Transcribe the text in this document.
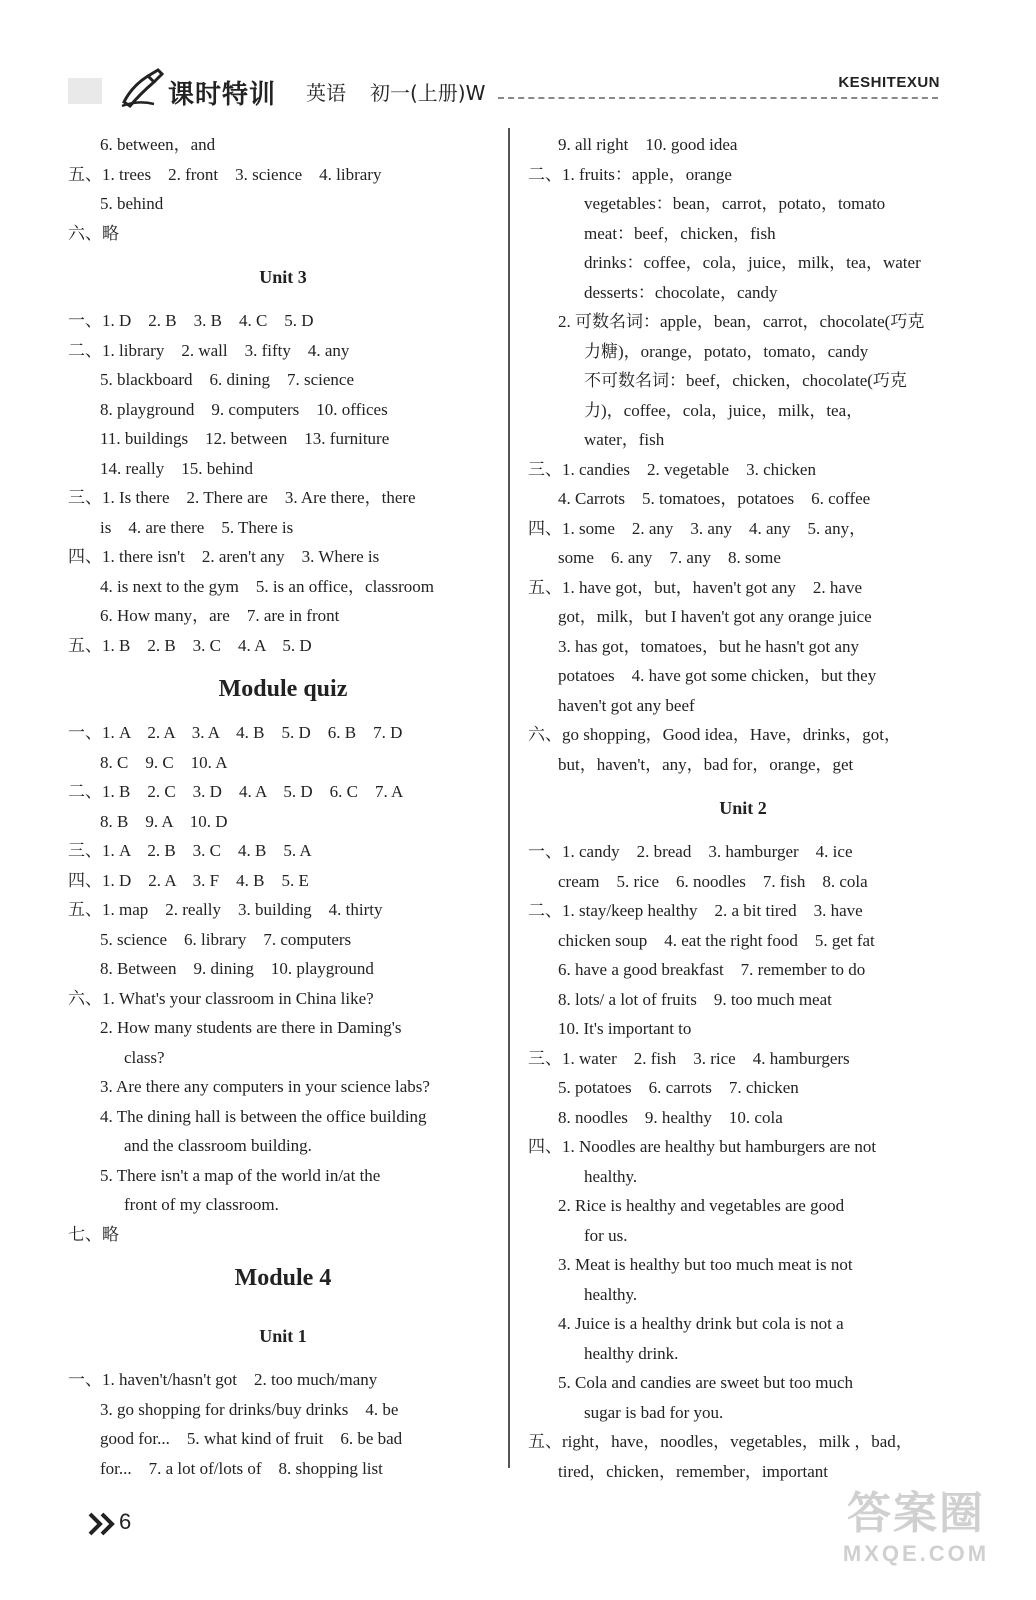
课时特训 英语 初一(上册)W	KESHITEXUN
6. between，and
五、1. trees　2. front　3. science　4. library
5. behind
六、略
Unit 3
一、1. D　2. B　3. B　4. C　5. D
二、1. library　2. wall　3. fifty　4. any
5. blackboard　6. dining　7. science
8. playground　9. computers　10. offices
11. buildings　12. between　13. furniture
14. really　15. behind
三、1. Is there　2. There are　3. Are there，there
is　4. are there　5. There is
四、1. there isn't　2. aren't any　3. Where is
4. is next to the gym　5. is an office，classroom
6. How many，are　7. are in front
五、1. B　2. B　3. C　4. A　5. D
Module quiz
一、1. A　2. A　3. A　4. B　5. D　6. B　7. D
8. C　9. C　10. A
二、1. B　2. C　3. D　4. A　5. D　6. C　7. A
8. B　9. A　10. D
三、1. A　2. B　3. C　4. B　5. A
四、1. D　2. A　3. F　4. B　5. E
五、1. map　2. really　3. building　4. thirty
5. science　6. library　7. computers
8. Between　9. dining　10. playground
六、1. What's your classroom in China like?
2. How many students are there in Daming's
class?
3. Are there any computers in your science labs?
4. The dining hall is between the office building
and the classroom building.
5. There isn't a map of the world in/at the
front of my classroom.
七、略
Module 4
Unit 1
一、1. haven't/hasn't got　2. too much/many
3. go shopping for drinks/buy drinks　4. be
good for...　5. what kind of fruit　6. be bad
for...　7. a lot of/lots of　8. shopping list
9. all right　10. good idea
二、1. fruits：apple，orange
vegetables：bean，carrot，potato，tomato
meat：beef，chicken，fish
drinks：coffee，cola，juice，milk，tea，water
desserts：chocolate，candy
2. 可数名词：apple，bean，carrot，chocolate(巧克
力糖)，orange，potato，tomato，candy
不可数名词：beef，chicken，chocolate(巧克
力)，coffee，cola，juice，milk，tea，
water，fish
三、1. candies　2. vegetable　3. chicken
4. Carrots　5. tomatoes，potatoes　6. coffee
四、1. some　2. any　3. any　4. any　5. any，
some　6. any　7. any　8. some
五、1. have got，but，haven't got any　2. have
got，milk，but I haven't got any orange juice
3. has got，tomatoes，but he hasn't got any
potatoes　4. have got some chicken，but they
haven't got any beef
六、go shopping，Good idea，Have，drinks，got，
but，haven't，any，bad for，orange，get
Unit 2
一、1. candy　2. bread　3. hamburger　4. ice
cream　5. rice　6. noodles　7. fish　8. cola
二、1. stay/keep healthy　2. a bit tired　3. have
chicken soup　4. eat the right food　5. get fat
6. have a good breakfast　7. remember to do
8. lots/ a lot of fruits　9. too much meat
10. It's important to
三、1. water　2. fish　3. rice　4. hamburgers
5. potatoes　6. carrots　7. chicken
8. noodles　9. healthy　10. cola
四、1. Noodles are healthy but hamburgers are not
healthy.
2. Rice is healthy and vegetables are good
for us.
3. Meat is healthy but too much meat is not
healthy.
4. Juice is a healthy drink but cola is not a
healthy drink.
5. Cola and candies are sweet but too much
sugar is bad for you.
五、right，have，noodles，vegetables，milk ，bad，
tired，chicken，remember，important
6	答案圈
MXQE.COM
